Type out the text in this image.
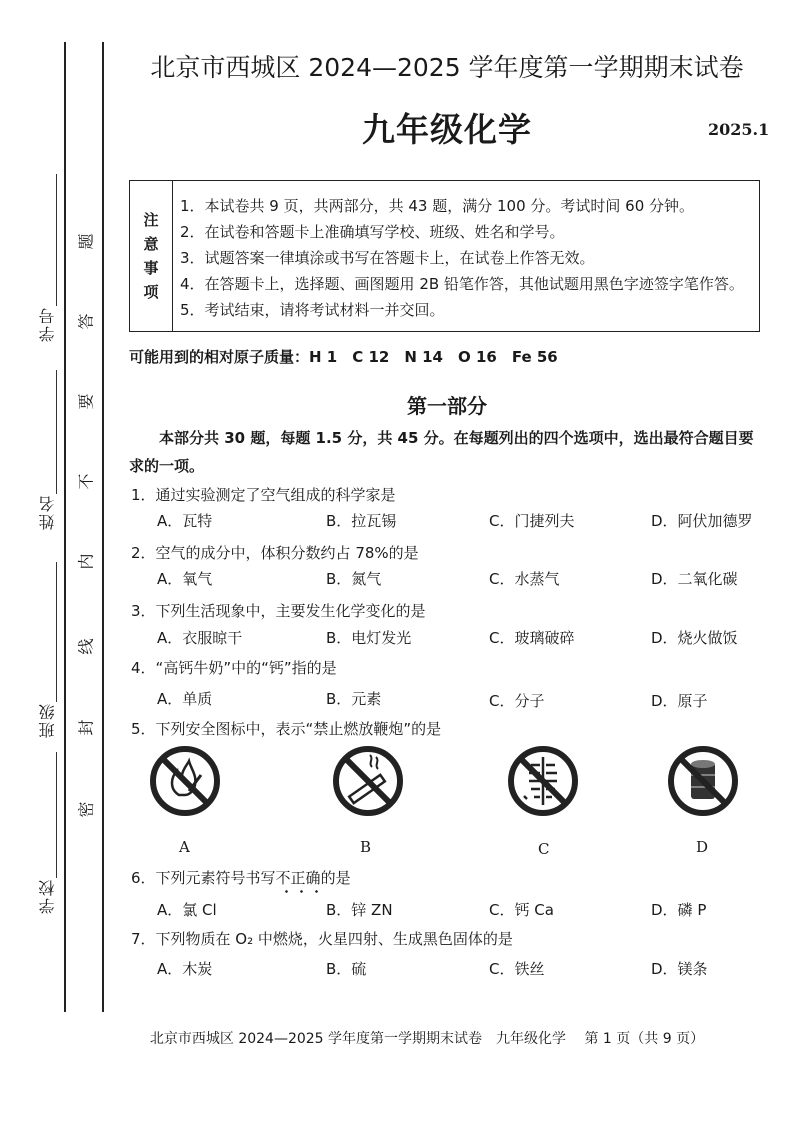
学号
姓名
班级
学校
题
答
要
不
内
线
封
密
北京市西城区 2024—2025 学年度第一学期期末试卷
九年级化学	2025.1
注
意
事
项
1．本试卷共 9 页，共两部分，共 43 题，满分 100 分。考试时间 60 分钟。
2．在试卷和答题卡上准确填写学校、班级、姓名和学号。
3．试题答案一律填涂或书写在答题卡上，在试卷上作答无效。
4．在答题卡上，选择题、画图题用 2B 铅笔作答，其他试题用黑色字迹签字笔作答。
5．考试结束，请将考试材料一并交回。
可能用到的相对原子质量：H 1　C 12　N 14　O 16　Fe 56
第一部分
本部分共 30 题，每题 1.5 分，共 45 分。在每题列出的四个选项中，选出最符合题目要求的一项。
1．通过实验测定了空气组成的科学家是
A．瓦特	B．拉瓦锡	C．门捷列夫	D．阿伏加德罗
2．空气的成分中，体积分数约占 78%的是
A．氧气	B．氮气	C．水蒸气	D．二氧化碳
3．下列生活现象中，主要发生化学变化的是
A．衣服晾干	B．电灯发光	C．玻璃破碎	D．烧火做饭
4．“高钙牛奶”中的“钙”指的是
A．单质	B．元素	C．分子	D．原子
5．下列安全图标中，表示“禁止燃放鞭炮”的是
A	B	C	D
6．下列元素符号书写不正确的是
A．氯 Cl	B．锌 ZN	C．钙 Ca	D．磷 P
7．下列物质在 O₂ 中燃烧，火星四射、生成黑色固体的是
A．木炭	B．硫	C．铁丝	D．镁条
北京市西城区 2024—2025 学年度第一学期期末试卷　九年级化学　 第 1 页（共 9 页）
